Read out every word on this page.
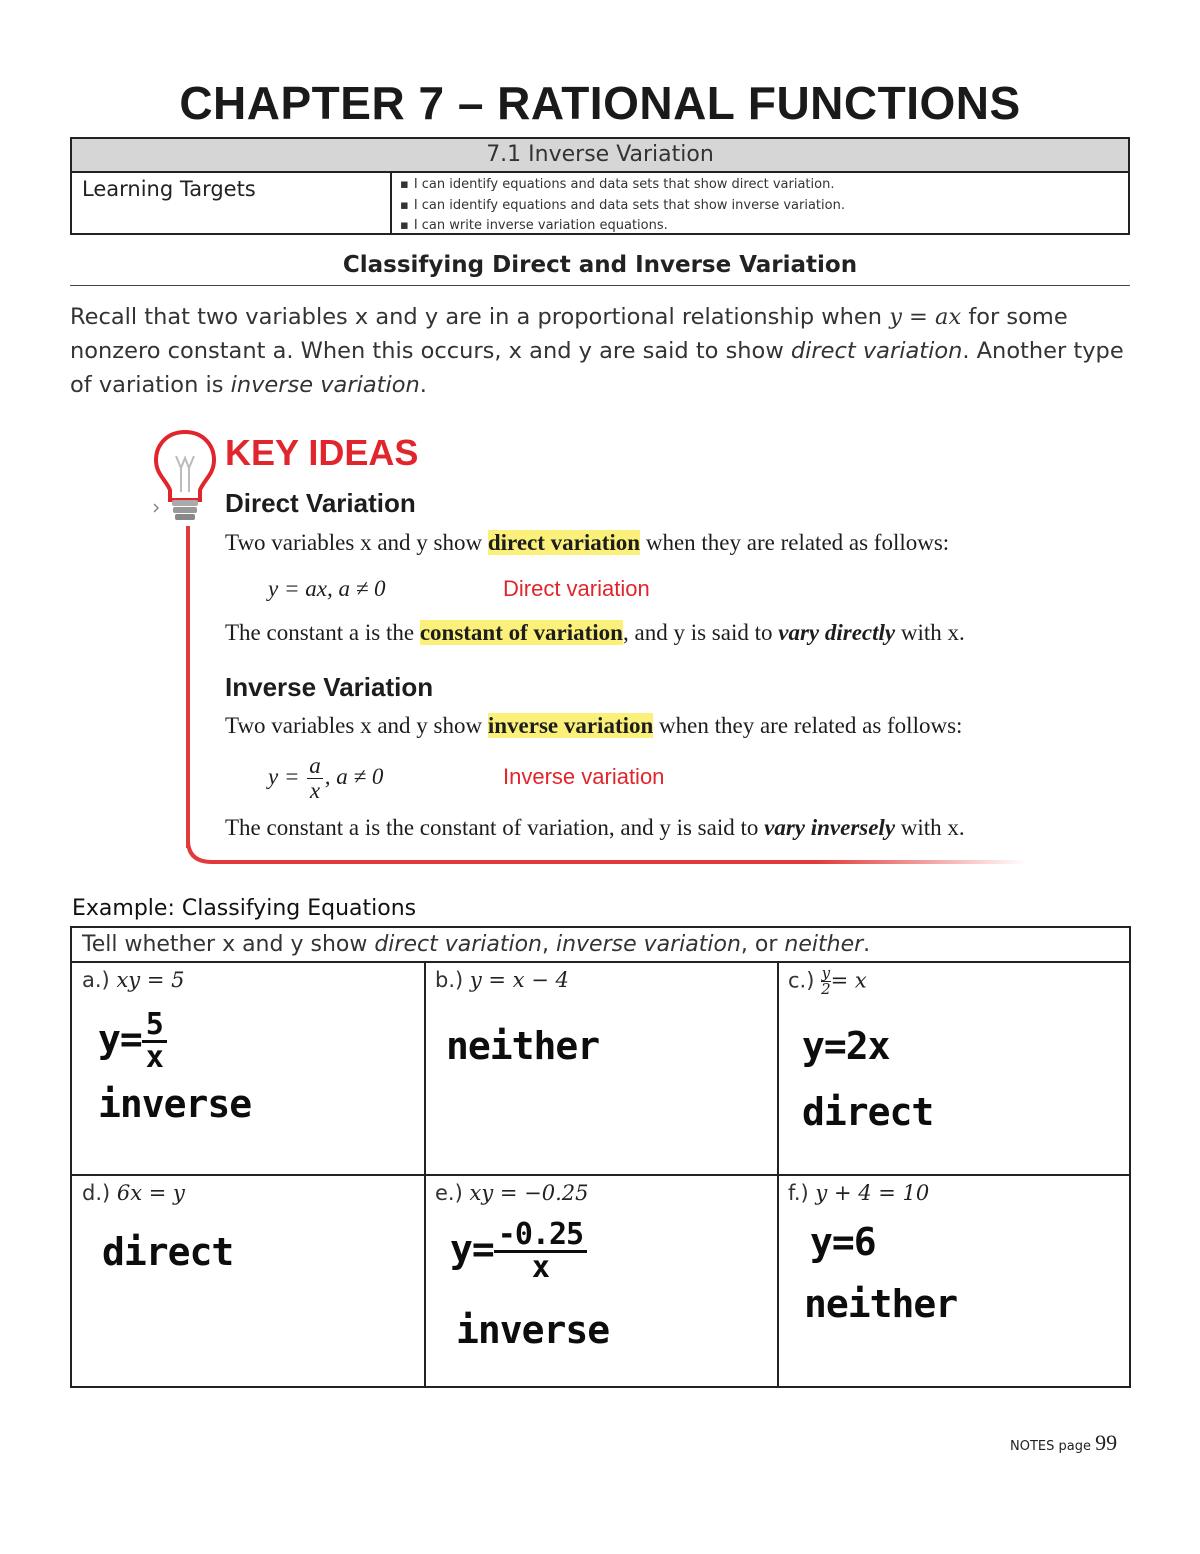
CHAPTER 7 – RATIONAL FUNCTIONS
7.1 Inverse Variation
Learning Targets
▪	I can identify equations and data sets that show direct variation.
▪ I can identify equations and data sets that show inverse variation.
▪ I can write inverse variation equations.
Classifying Direct and Inverse Variation

Recall that two variables x and y are in a proportional relationship when y = ax for some nonzero constant a. When this occurs, x and y are said to show direct variation. Another type of variation is inverse variation.

KEY IDEAS
Direct Variation
Two variables x and y show direct variation when they are related as follows:
y = ax, a ≠ 0	Direct variation
The constant a is the constant of variation, and y is said to vary directly with x.
Inverse Variation
Two variables x and y show inverse variation when they are related as follows:
$y = \frac{a}{x}$ , a ≠ 0	Inverse variation
The constant a is the constant of variation, and y is said to vary inversely with x.
Example: Classifying Equations
Tell whether x and y show direct variation, inverse variation, or neither.
a.) xy = 5
$y= \frac{5}{x}$
inverse
b.) y = x − 4
neither
$c.) \frac{y}{2} = x$
y=2x
direct
d.) 6x = y
direct
e.) xy = −0.25
$y= \frac{-0.25}{x}$
inverse
f.) y + 4 = 10
y=6
neither
NOTES page 99
